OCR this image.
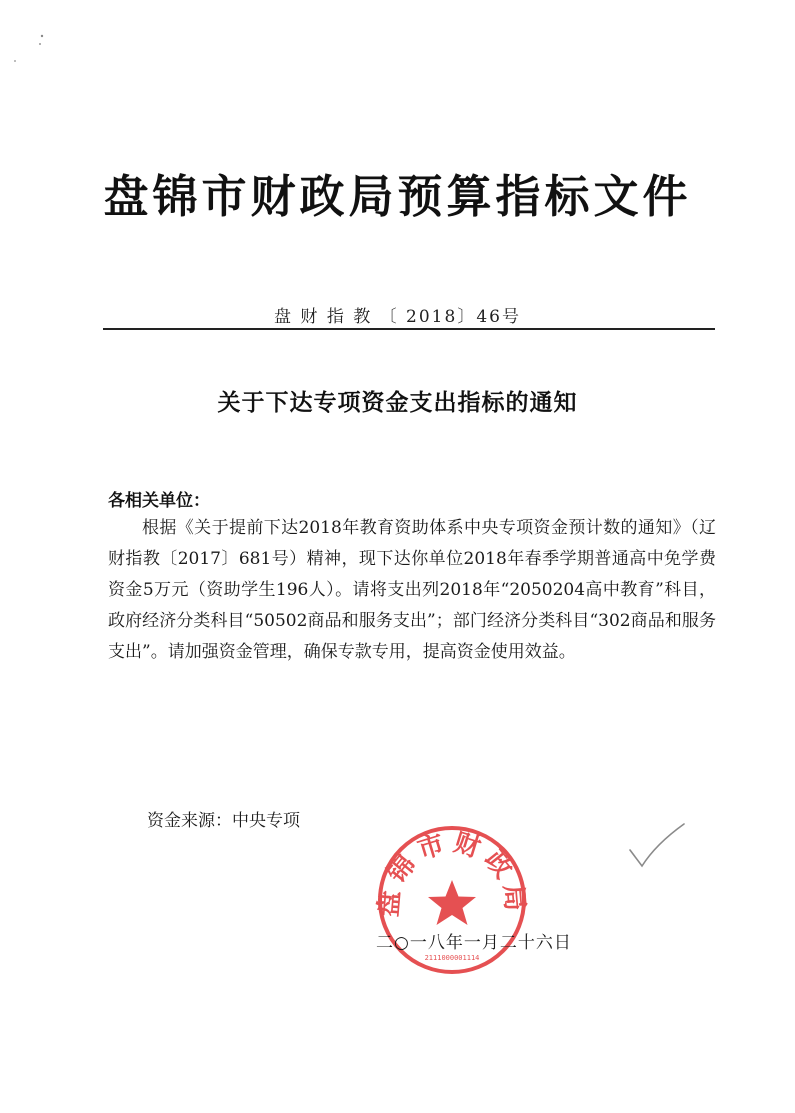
盘锦市财政局预算指标文件
盘 财 指 教 〔 2018〕46号
关于下达专项资金支出指标的通知
各相关单位：

根据《关于提前下达2018年教育资助体系中央专项资金预计数的通知》（辽财指教〔2017〕681号）精神，现下达你单位2018年春季学期普通高中免学费资金5万元（资助学生196人）。请将支出列2018年“2050204高中教育”科目，政府经济分类科目“50502商品和服务支出”；部门经济分类科目“302商品和服务支出”。请加强资金管理，确保专款专用，提高资金使用效益。

资金来源：中央专项
盘锦市财政局
2111000001114
二○一八年一月二十六日
